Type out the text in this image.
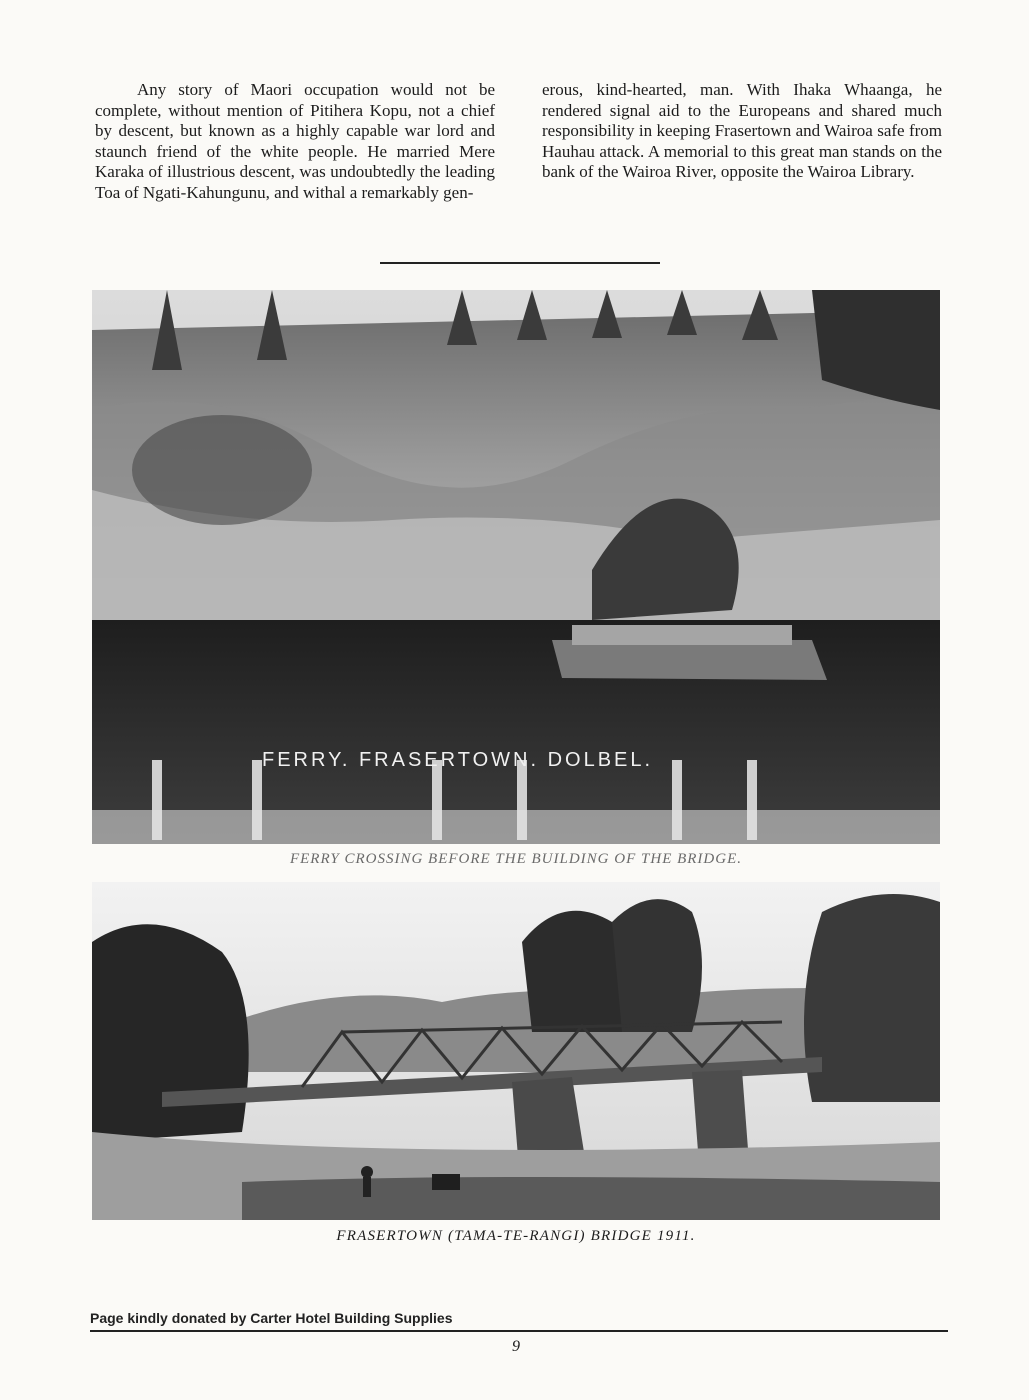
Any story of Maori occupation would not be complete, without mention of Pitihera Kopu, not a chief by descent, but known as a highly capable war lord and staunch friend of the white people. He married Mere Karaka of illustrious descent, was undoubtedly the leading Toa of Ngati-Kahungunu, and withal a remarkably gen-
erous, kind-hearted, man. With Ihaka Whaanga, he rendered signal aid to the Europeans and shared much responsibility in keeping Frasertown and Wairoa safe from Hauhau attack. A memorial to this great man stands on the bank of the Wairoa River, opposite the Wairoa Library.
FERRY. FRASERTOWN. DOLBEL.
FERRY CROSSING BEFORE THE BUILDING OF THE BRIDGE.
FRASERTOWN (TAMA-TE-RANGI) BRIDGE 1911.
Page kindly donated by Carter Hotel Building Supplies
9
